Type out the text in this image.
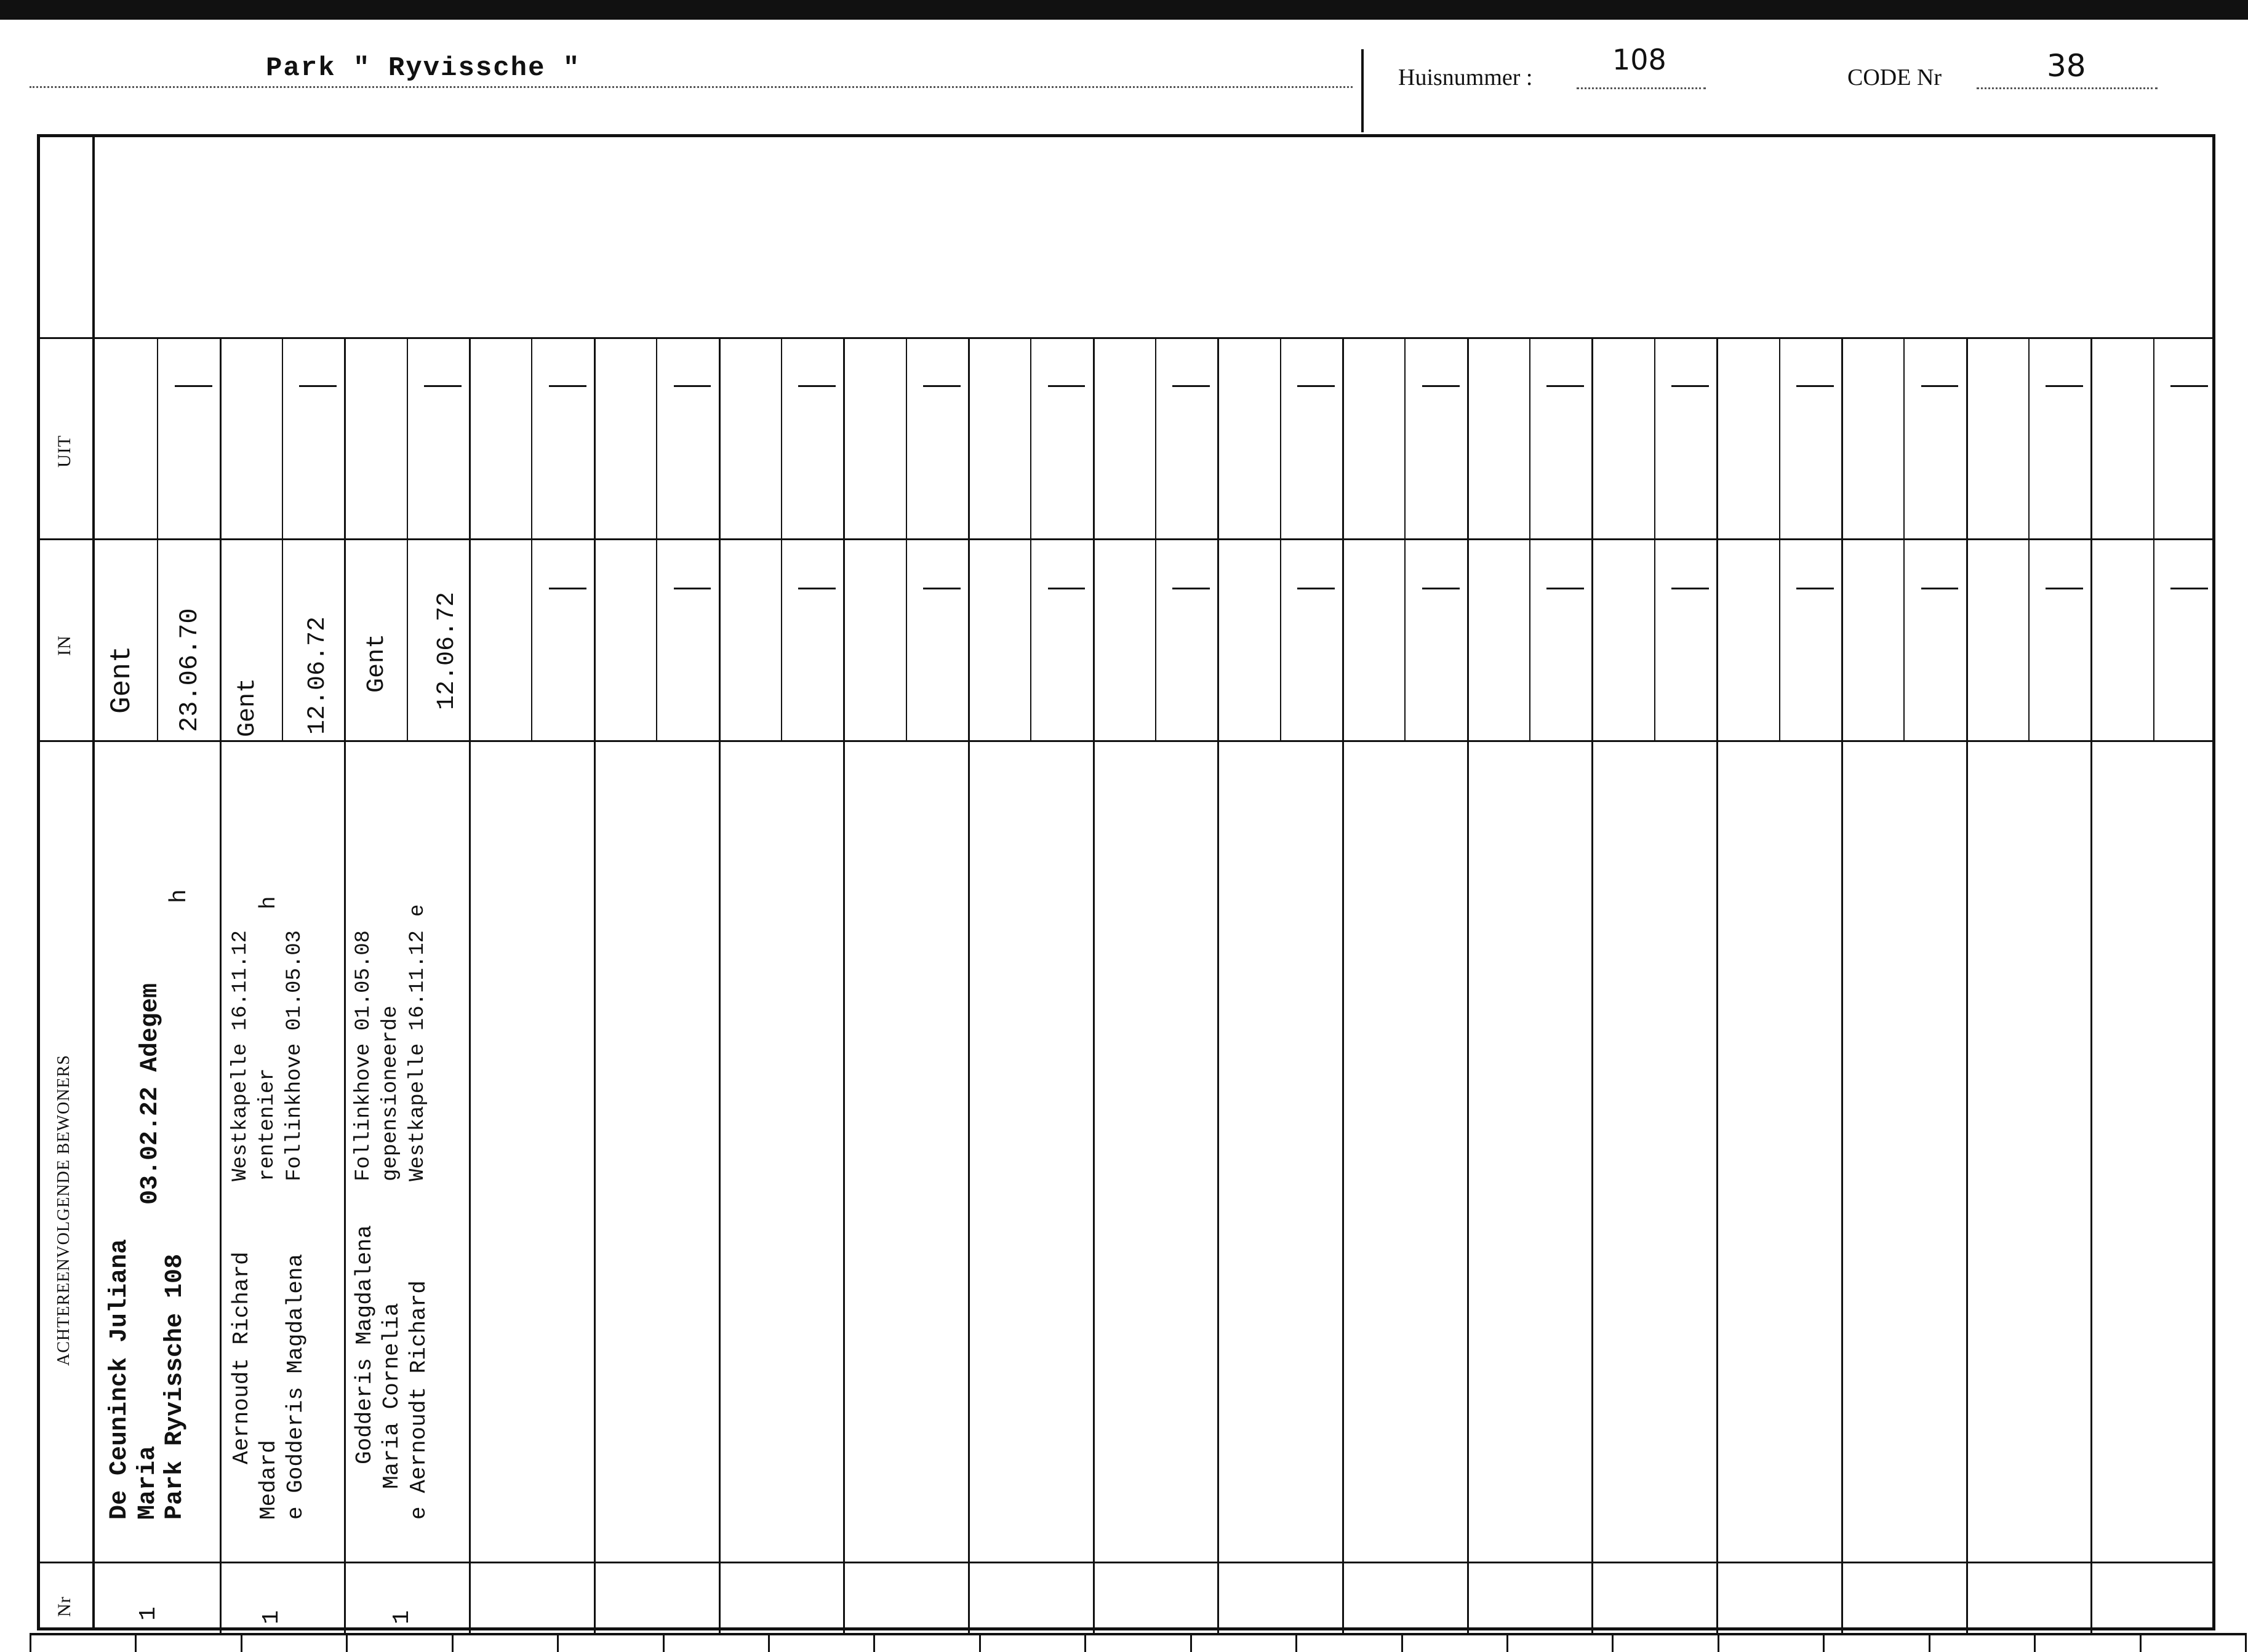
Park " Ryvissche "	Huisnummer :
108
CODE Nr	38
UIT
IN
ACHTEREENVOLGENDE BEWONERS
Nr
Gent 23.06.70
De Ceuninck Juliana Maria Park Ryvissche 108
03.02.22 Adegem
h
1
Gent 12.06.72
Aernoudt Richard
Medard e Godderis Magdalena
Westkapelle 16.11.12 rentenier Follinkhove 01.05.03
h
1
Gent 12.06.72
Godderis Magdalena Maria Cornelia e Aernoudt Richard
Follinkhove 01.05.08 gepensioneerde Westkapelle 16.11.12
e
1
